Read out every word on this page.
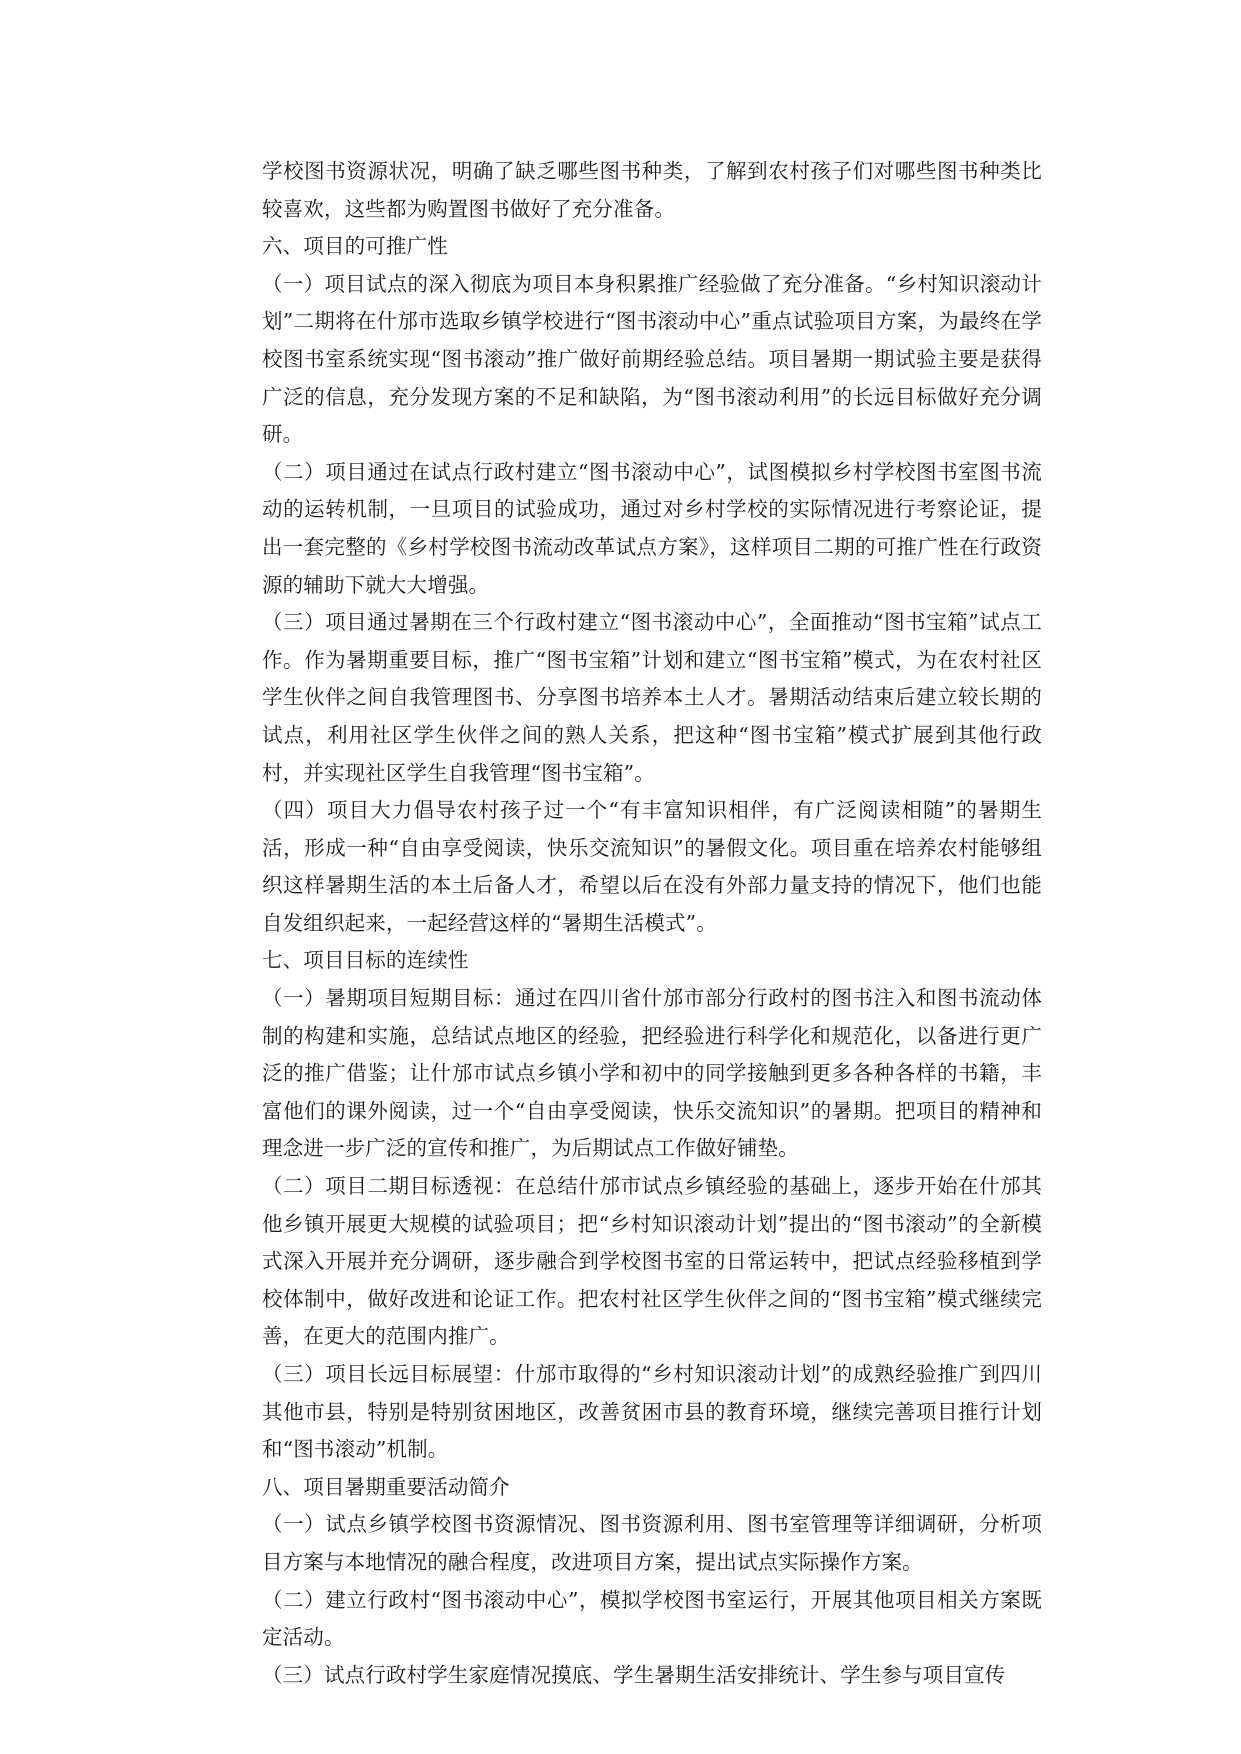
学校图书资源状况，明确了缺乏哪些图书种类，了解到农村孩子们对哪些图书种类比较喜欢，这些都为购置图书做好了充分准备。

六、项目的可推广性

（一）项目试点的深入彻底为项目本身积累推广经验做了充分准备。“乡村知识滚动计划”二期将在什邡市选取乡镇学校进行“图书滚动中心”重点试验项目方案，为最终在学校图书室系统实现“图书滚动”推广做好前期经验总结。项目暑期一期试验主要是获得广泛的信息，充分发现方案的不足和缺陷，为“图书滚动利用”的长远目标做好充分调研。

（二）项目通过在试点行政村建立“图书滚动中心”，试图模拟乡村学校图书室图书流动的运转机制，一旦项目的试验成功，通过对乡村学校的实际情况进行考察论证，提出一套完整的《乡村学校图书流动改革试点方案》，这样项目二期的可推广性在行政资源的辅助下就大大增强。

（三）项目通过暑期在三个行政村建立“图书滚动中心”，全面推动“图书宝箱”试点工作。作为暑期重要目标，推广“图书宝箱”计划和建立“图书宝箱”模式，为在农村社区学生伙伴之间自我管理图书、分享图书培养本土人才。暑期活动结束后建立较长期的试点，利用社区学生伙伴之间的熟人关系，把这种“图书宝箱”模式扩展到其他行政村，并实现社区学生自我管理“图书宝箱”。

（四）项目大力倡导农村孩子过一个“有丰富知识相伴，有广泛阅读相随”的暑期生活，形成一种“自由享受阅读，快乐交流知识”的暑假文化。项目重在培养农村能够组织这样暑期生活的本土后备人才，希望以后在没有外部力量支持的情况下，他们也能自发组织起来，一起经营这样的“暑期生活模式”。

七、项目目标的连续性

（一）暑期项目短期目标：通过在四川省什邡市部分行政村的图书注入和图书流动体制的构建和实施，总结试点地区的经验，把经验进行科学化和规范化，以备进行更广泛的推广借鉴；让什邡市试点乡镇小学和初中的同学接触到更多各种各样的书籍，丰富他们的课外阅读，过一个“自由享受阅读，快乐交流知识”的暑期。把项目的精神和理念进一步广泛的宣传和推广，为后期试点工作做好铺垫。

（二）项目二期目标透视：在总结什邡市试点乡镇经验的基础上，逐步开始在什邡其他乡镇开展更大规模的试验项目；把“乡村知识滚动计划”提出的“图书滚动”的全新模式深入开展并充分调研，逐步融合到学校图书室的日常运转中，把试点经验移植到学校体制中，做好改进和论证工作。把农村社区学生伙伴之间的“图书宝箱”模式继续完善，在更大的范围内推广。

（三）项目长远目标展望：什邡市取得的“乡村知识滚动计划”的成熟经验推广到四川其他市县，特别是特别贫困地区，改善贫困市县的教育环境，继续完善项目推行计划和“图书滚动”机制。

八、项目暑期重要活动简介

（一）试点乡镇学校图书资源情况、图书资源利用、图书室管理等详细调研，分析项目方案与本地情况的融合程度，改进项目方案，提出试点实际操作方案。

（二）建立行政村“图书滚动中心”，模拟学校图书室运行，开展其他项目相关方案既定活动。

（三）试点行政村学生家庭情况摸底、学生暑期生活安排统计、学生参与项目宣传
